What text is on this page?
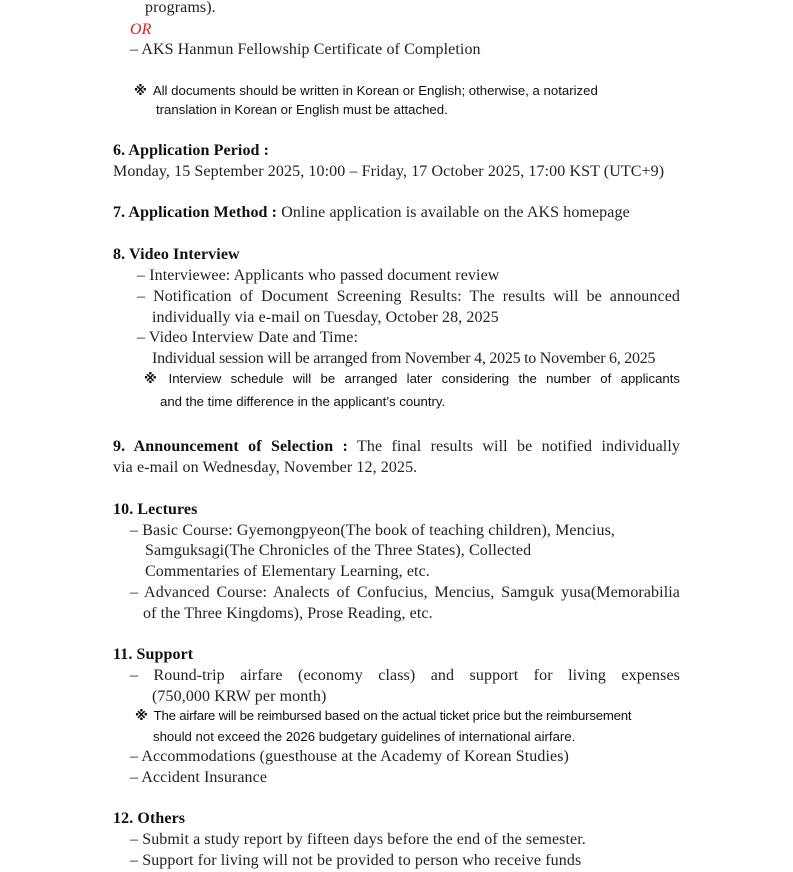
programs).
OR
– AKS Hanmun Fellowship Certificate of Completion
※ All documents should be written in Korean or English; otherwise, a notarized
translation in Korean or English must be attached.
6. Application Period :
Monday, 15 September 2025, 10:00 – Friday, 17 October 2025, 17:00 KST (UTC+9)
7. Application Method : Online application is available on the AKS homepage
8. Video Interview
– Interviewee: Applicants who passed document review
– Notification of Document Screening Results: The results will be announced
individually via e-mail on Tuesday, October 28, 2025
– Video Interview Date and Time:
Individual session will be arranged from November 4, 2025 to November 6, 2025
※ Interview schedule will be arranged later considering the number of applicants
and the time difference in the applicant’s country.
9. Announcement of Selection : The final results will be notified individually
via e-mail on Wednesday, November 12, 2025.
10. Lectures
– Basic Course: Gyemongpyeon(The book of teaching children), Mencius,
Samguksagi(The Chronicles of the Three States), Collected
Commentaries of Elementary Learning, etc.
– Advanced Course: Analects of Confucius, Mencius, Samguk yusa(Memorabilia
of the Three Kingdoms), Prose Reading, etc.
11. Support
– Round-trip airfare (economy class) and support for living expenses
(750,000 KRW per month)
※ The airfare will be reimbursed based on the actual ticket price but the reimbursement
should not exceed the 2026 budgetary guidelines of international airfare.
– Accommodations (guesthouse at the Academy of Korean Studies)
– Accident Insurance
12. Others
– Submit a study report by fifteen days before the end of the semester.
– Support for living will not be provided to person who receive funds
